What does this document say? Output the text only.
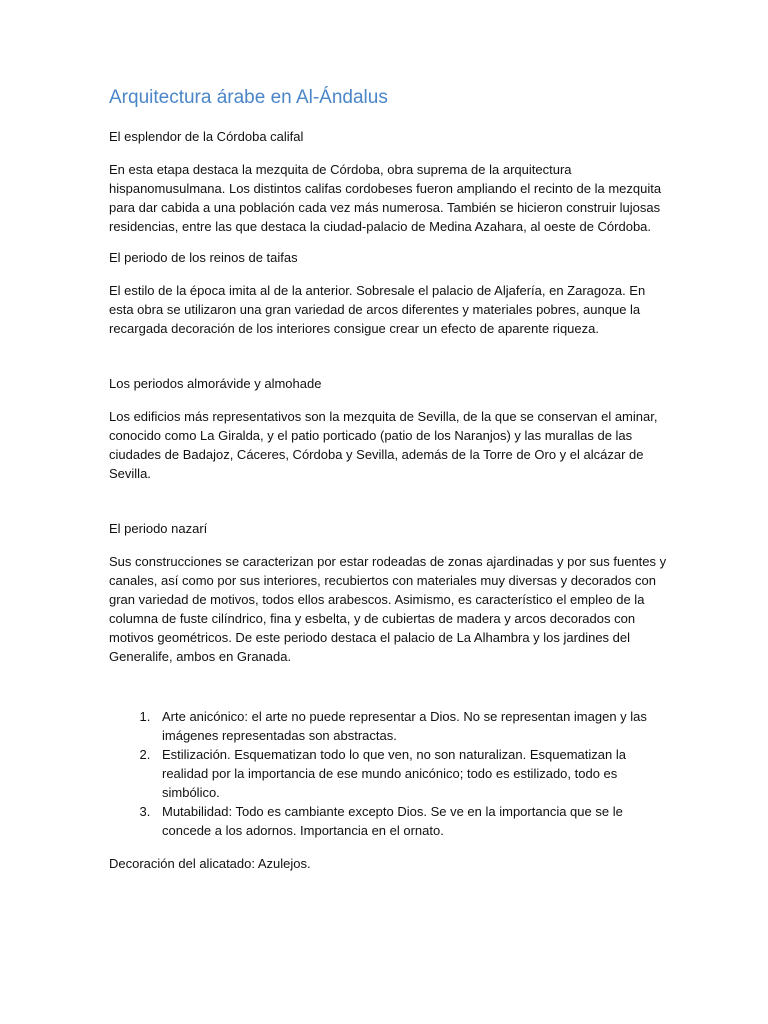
Arquitectura árabe en Al-Ándalus

El esplendor de la Córdoba califal

En esta etapa destaca la mezquita de Córdoba, obra suprema de la arquitectura hispanomusulmana. Los distintos califas cordobeses fueron ampliando el recinto de la mezquita para dar cabida a una población cada vez más numerosa. También se hicieron construir lujosas residencias, entre las que destaca la ciudad-palacio de Medina Azahara, al oeste de Córdoba.

El periodo de los reinos de taifas

El estilo de la época imita al de la anterior. Sobresale el palacio de Aljafería, en Zaragoza. En esta obra se utilizaron una gran variedad de arcos diferentes y materiales pobres, aunque la recargada decoración de los interiores consigue crear un efecto de aparente riqueza.

Los periodos almorávide y almohade

Los edificios más representativos son la mezquita de Sevilla, de la que se conservan el aminar, conocido como La Giralda, y el patio porticado (patio de los Naranjos) y las murallas de las ciudades de Badajoz, Cáceres, Córdoba y Sevilla, además de la Torre de Oro y el alcázar de Sevilla.

El periodo nazarí

Sus construcciones se caracterizan por estar rodeadas de zonas ajardinadas y por sus fuentes y canales, así como por sus interiores, recubiertos con materiales muy diversas y decorados con gran variedad de motivos, todos ellos arabescos. Asimismo, es característico el empleo de la columna de fuste cilíndrico, fina y esbelta, y de cubiertas de madera y arcos decorados con motivos geométricos. De este periodo destaca el palacio de La Alhambra y los jardines del Generalife, ambos en Granada.

1. Arte anicónico: el arte no puede representar a Dios. No se representan imagen y las imágenes representadas son abstractas.
2. Estilización. Esquematizan todo lo que ven, no son naturalizan. Esquematizan la realidad por la importancia de ese mundo anicónico; todo es estilizado, todo es simbólico.
3. Mutabilidad: Todo es cambiante excepto Dios. Se ve en la importancia que se le concede a los adornos. Importancia en el ornato.

Decoración del alicatado: Azulejos.
